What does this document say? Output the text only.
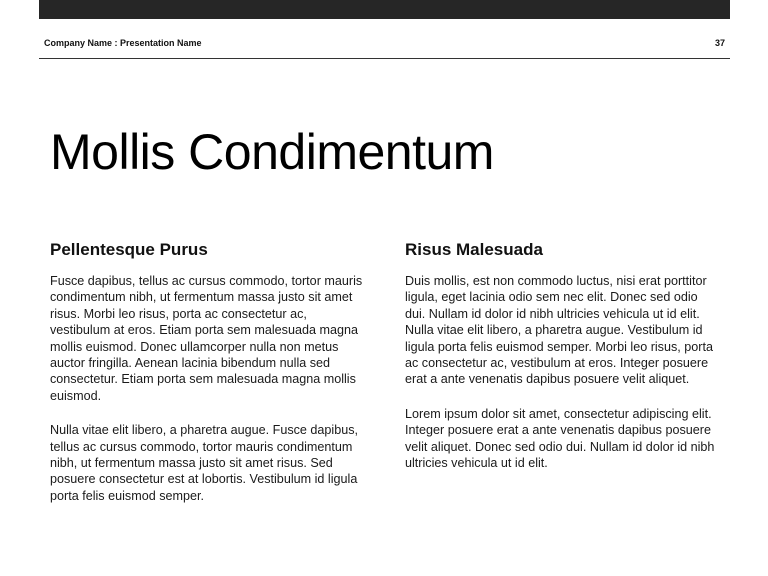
Company Name : Presentation Name	37
Mollis Condimentum
Pellentesque Purus

Fusce dapibus, tellus ac cursus commodo, tortor mauris condimentum nibh, ut fermentum massa justo sit amet risus. Morbi leo risus, porta ac consectetur ac, vestibulum at eros. Etiam porta sem malesuada magna mollis euismod. Donec ullamcorper nulla non metus auctor fringilla. Aenean lacinia bibendum nulla sed consectetur. Etiam porta sem malesuada magna mollis euismod.

Nulla vitae elit libero, a pharetra augue. Fusce dapibus, tellus ac cursus commodo, tortor mauris condimentum nibh, ut fermentum massa justo sit amet risus. Sed posuere consectetur est at lobortis. Vestibulum id ligula porta felis euismod semper.

Risus Malesuada

Duis mollis, est non commodo luctus, nisi erat porttitor ligula, eget lacinia odio sem nec elit. Donec sed odio dui. Nullam id dolor id nibh ultricies vehicula ut id elit. Nulla vitae elit libero, a pharetra augue. Vestibulum id ligula porta felis euismod semper. Morbi leo risus, porta ac consectetur ac, vestibulum at eros. Integer posuere erat a ante venenatis dapibus posuere velit aliquet.

Lorem ipsum dolor sit amet, consectetur adipiscing elit. Integer posuere erat a ante venenatis dapibus posuere velit aliquet. Donec sed odio dui. Nullam id dolor id nibh ultricies vehicula ut id elit.
